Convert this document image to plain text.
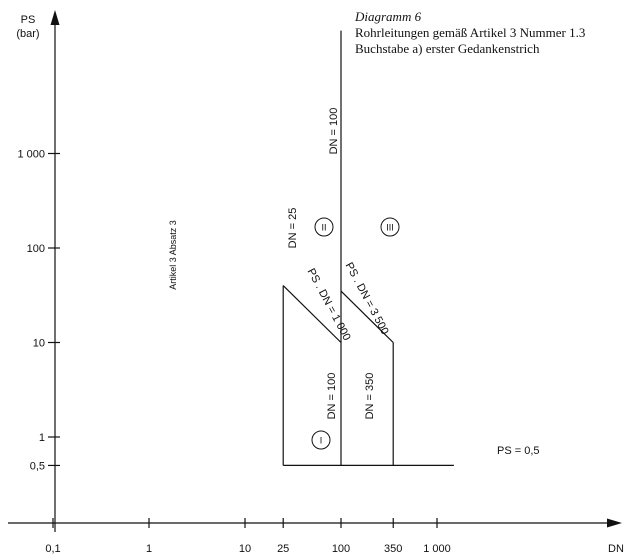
PS
(bar)
DN
0,1	1	10 25	100	350 1 000
0,5
1
10
100
1 000
Diagramm 6
Rohrleitungen gemäß Artikel 3 Nummer 1.3
Buchstabe a) erster Gedankenstrich
PS = 0,5
DN = 25
PS . DN = 1 000
DN = 100
DN = 100
PS . DN = 3 500
DN = 350
Artikel 3 Absatz 3
I
II	III
